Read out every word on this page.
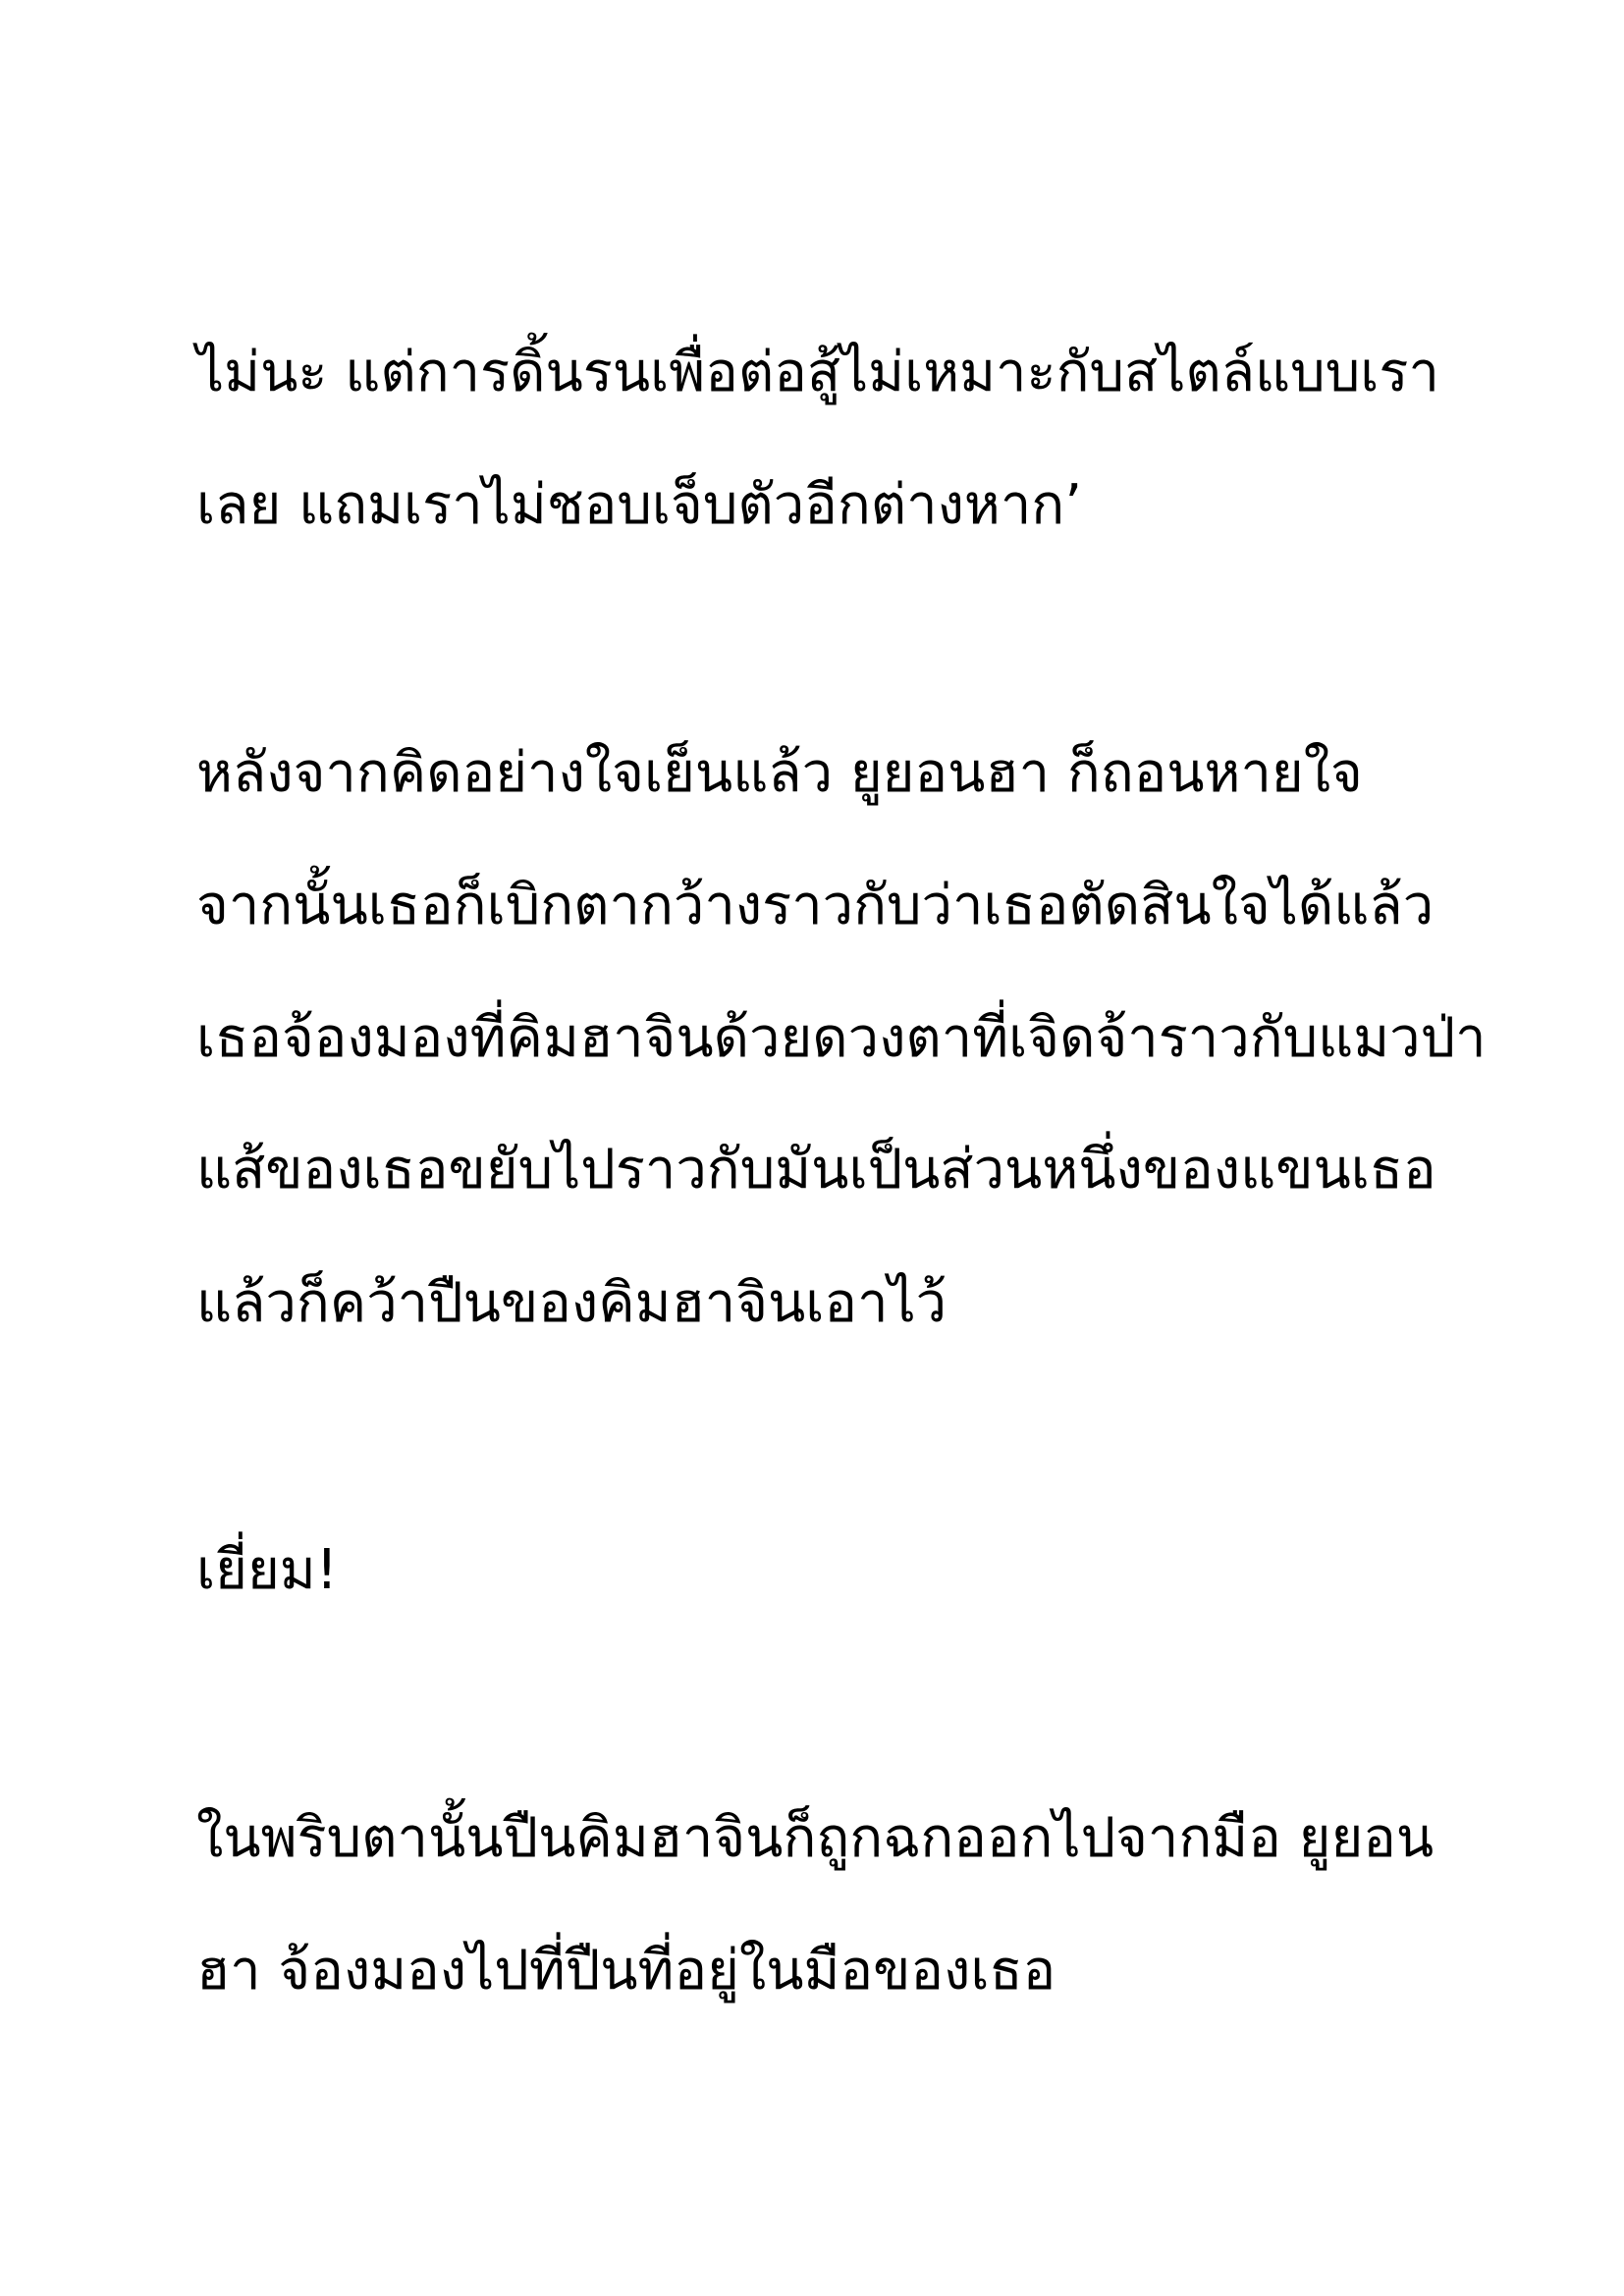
ไม่นะ แต่การดิ้นรนเพื่อต่อสู้ไม่เหมาะกับสไตล์แบบเรา

เลย แถมเราไม่ชอบเจ็บตัวอีกต่างหาก’

หลังจากคิดอย่างใจเย็นแล้ว ยูยอนฮา ก็ถอนหายใจ

จากนั้นเธอก็เบิกตากว้างราวกับว่าเธอตัดสินใจได้แล้ว

เธอจ้องมองที่คิมฮาจินด้วยดวงตาที่เจิดจ้าราวกับแมวป่า

แส้ของเธอขยับไปราวกับมันเป็นส่วนหนึ่งของแขนเธอ

แล้วก็คว้าปืนของคิมฮาจินเอาไว้

เยี่ยม!

ในพริบตานั้นปืนคิมฮาจินก็ถูกฉกออกไปจากมือ ยูยอน

ฮา จ้องมองไปที่ปืนที่อยู่ในมือของเธอ
